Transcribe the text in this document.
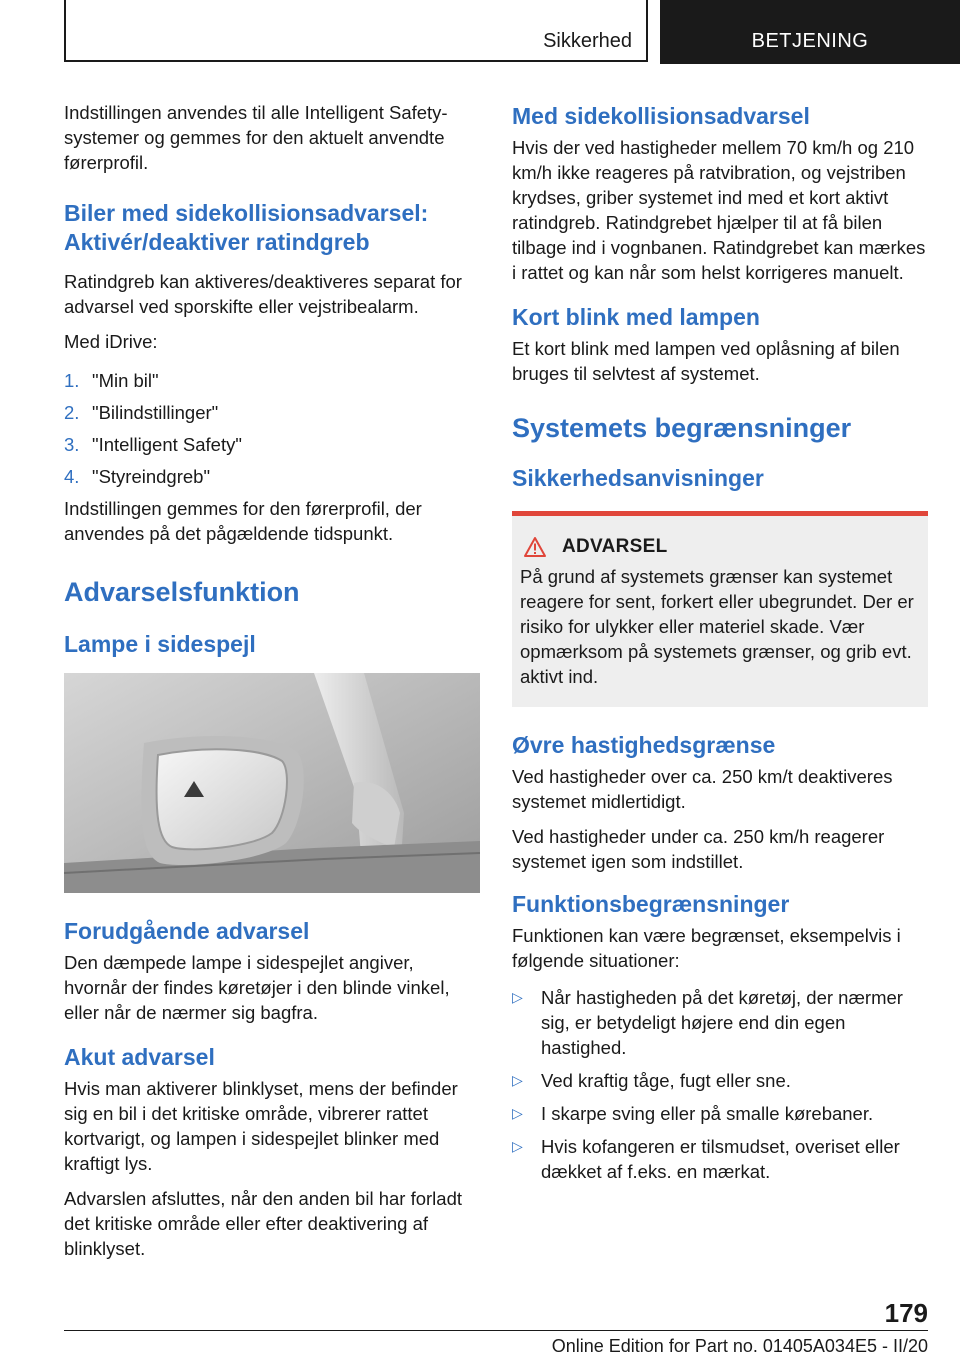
Sikkerhed	BETJENING

Indstillingen anvendes til alle Intelligent Safety-systemer og gemmes for den aktuelt anvendte førerprofil.

Biler med sidekollisionsadvarsel: Aktivér/deaktiver ratindgreb

Ratindgreb kan aktiveres/deaktiveres separat for advarsel ved sporskifte eller vejstribealarm.

Med iDrive:

1. "Min bil"
2. "Bilindstillinger"
3. "Intelligent Safety"
4. "Styreindgreb"

Indstillingen gemmes for den førerprofil, der anvendes på det pågældende tidspunkt.

Advarselsfunktion
Lampe i sidespejl
Forudgående advarsel

Den dæmpede lampe i sidespejlet angiver, hvornår der findes køretøjer i den blinde vinkel, eller når de nærmer sig bagfra.

Akut advarsel

Hvis man aktiverer blinklyset, mens der befinder sig en bil i det kritiske område, vibrerer rattet kortvarigt, og lampen i sidespejlet blinker med kraftigt lys.

Advarslen afsluttes, når den anden bil har forladt det kritiske område eller efter deaktivering af blinklyset.

Med sidekollisionsadvarsel

Hvis der ved hastigheder mellem 70 km/h og 210 km/h ikke reageres på ratvibration, og vejstriben krydses, griber systemet ind med et kort aktivt ratindgreb. Ratindgrebet hjælper til at få bilen tilbage ind i vognbanen. Ratindgrebet kan mærkes i rattet og kan når som helst korrigeres manuelt.

Kort blink med lampen

Et kort blink med lampen ved oplåsning af bilen bruges til selvtest af systemet.

Systemets begrænsninger
Sikkerhedsanvisninger
ADVARSEL

På grund af systemets grænser kan systemet reagere for sent, forkert eller ubegrundet. Der er risiko for ulykker eller materiel skade. Vær opmærksom på systemets grænser, og grib evt. aktivt ind.

Øvre hastighedsgrænse

Ved hastigheder over ca. 250 km/t deaktiveres systemet midlertidigt.

Ved hastigheder under ca. 250 km/h reagerer systemet igen som indstillet.

Funktionsbegrænsninger

Funktionen kan være begrænset, eksempelvis i følgende situationer:

▷ Når hastigheden på det køretøj, der nærmer sig, er betydeligt højere end din egen hastighed.
▷ Ved kraftig tåge, fugt eller sne.
▷ I skarpe sving eller på smalle kørebaner.
▷ Hvis kofangeren er tilsmudset, overiset eller dækket af f.eks. en mærkat.
179
Online Edition for Part no. 01405A034E5 - II/20
